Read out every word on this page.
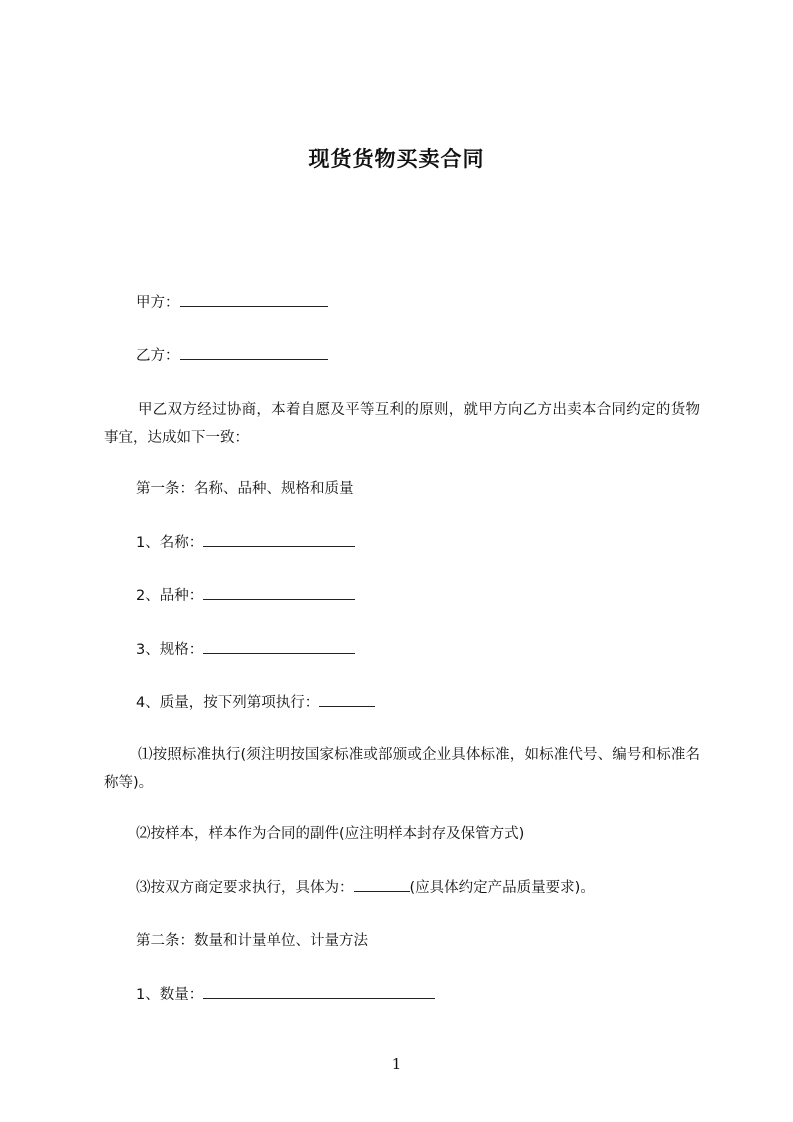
现货货物买卖合同
甲方：
乙方：

甲乙双方经过协商，本着自愿及平等互利的原则，就甲方向乙方出卖本合同约定的货物事宜，达成如下一致：

第一条：名称、品种、规格和质量
1、名称：
2、品种：
3、规格：
4、质量，按下列第项执行：

⑴按照标准执行(须注明按国家标准或部颁或企业具体标准，如标准代号、编号和标准名称等)。

⑵按样本，样本作为合同的副件(应注明样本封存及保管方式)
⑶按双方商定要求执行，具体为：	(应具体约定产品质量要求)。
第二条：数量和计量单位、计量方法
1、数量：
1
